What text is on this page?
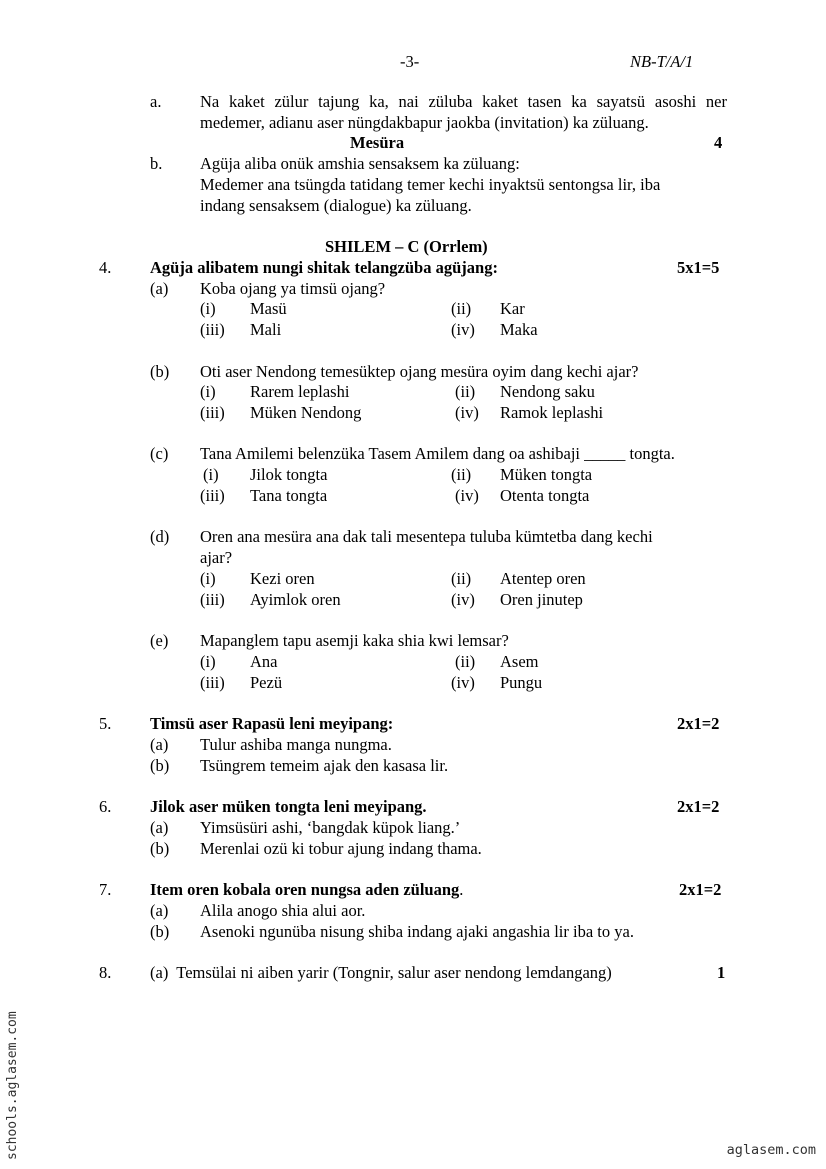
-3-	NB-T/A/1
a. Na kaket zülur tajung ka, nai züluba kaket tasen ka sayatsü asoshi ner
medemer, adianu aser nüngdakbapur jaokba (invitation) ka züluang.
Mesüra	4
b. Agüja aliba onük amshia sensaksem ka züluang:
Medemer ana tsüngda tatidang temer kechi inyaktsü sentongsa lir, iba
indang sensaksem (dialogue) ka züluang.
SHILEM – C (Orrlem)
4. Agüja alibatem nungi shitak telangzüba agüjang:	5x1=5
(a) Koba ojang ya timsü ojang?
(i) Masü	(ii) Kar
(iii) Mali	(iv) Maka
(b) Oti aser Nendong temesüktep ojang mesüra oyim dang kechi ajar?
(i) Rarem leplashi	(ii) Nendong saku
(iii) Müken Nendong	(iv) Ramok leplashi
(c) Tana Amilemi belenzüka Tasem Amilem dang oa ashibaji _____ tongta.
(i) Jilok tongta	(ii) Müken tongta
(iii) Tana tongta	(iv) Otenta tongta
(d) Oren ana mesüra ana dak tali mesentepa tuluba kümtetba dang kechi
ajar?
(i) Kezi oren	(ii) Atentep oren
(iii) Ayimlok oren	(iv) Oren jinutep
(e) Mapanglem tapu asemji kaka shia kwi lemsar?
(i) Ana	(ii) Asem
(iii) Pezü	(iv) Pungu
5. Timsü aser Rapasü leni meyipang:	2x1=2
(a) Tulur ashiba manga nungma.
(b) Tsüngrem temeim ajak den kasasa lir.
6. Jilok aser müken tongta leni meyipang.	2x1=2
(a) Yimsüsüri ashi, ‘bangdak küpok liang.’
(b) Merenlai ozü ki tobur ajung indang thama.
7. Item oren kobala oren nungsa aden züluang.	2x1=2
(a) Alila anogo shia alui aor.
(b) Asenoki ngunüba nisung shiba indang ajaki angashia lir iba to ya.
8. (a)  Temsülai ni aiben yarir (Tongnir, salur aser nendong lemdangang)	1
schools.aglasem.com	aglasem.com
